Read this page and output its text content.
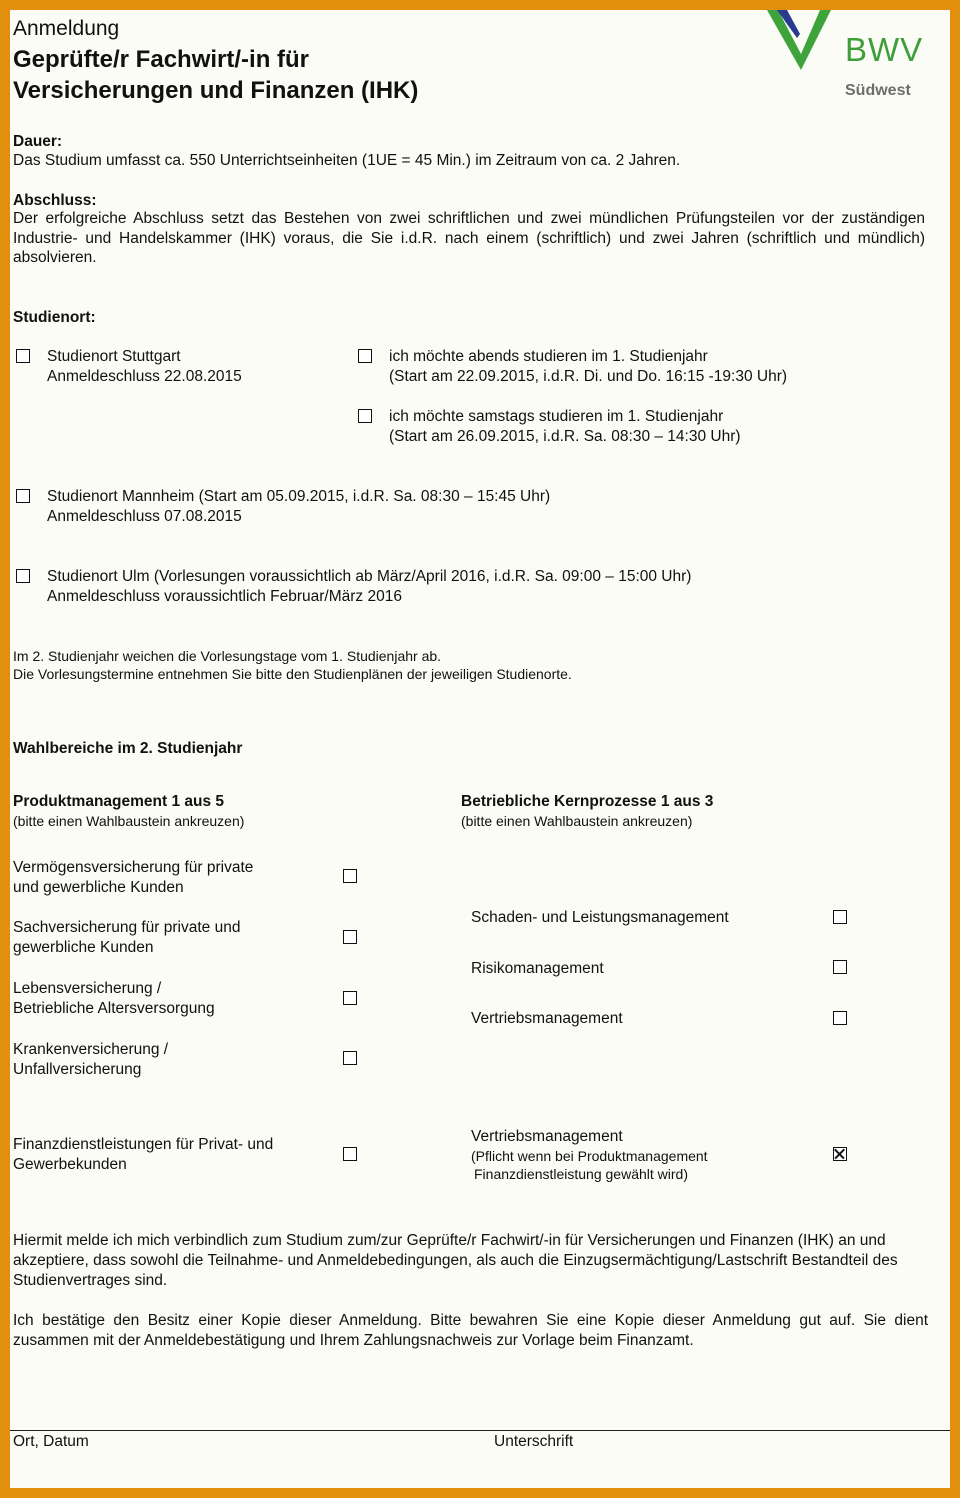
Anmeldung
Geprüfte/r Fachwirt/-in für
Versicherungen und Finanzen (IHK)
BWV
Südwest
Dauer:
Das Studium umfasst ca. 550 Unterrichtseinheiten (1UE = 45 Min.) im Zeitraum von ca. 2 Jahren.
Abschluss:
Der erfolgreiche Abschluss setzt das Bestehen von zwei schriftlichen und zwei mündlichen Prüfungsteilen vor der zuständigen Industrie- und Handelskammer (IHK) voraus, die Sie i.d.R. nach einem (schriftlich) und zwei Jahren (schriftlich und mündlich) absolvieren.
Studienort:
Studienort Stuttgart
Anmeldeschluss 22.08.2015
ich möchte abends studieren im 1. Studienjahr
(Start am 22.09.2015, i.d.R. Di. und Do. 16:15 -19:30 Uhr)
ich möchte samstags studieren im 1. Studienjahr
(Start am 26.09.2015, i.d.R. Sa. 08:30 – 14:30 Uhr)
Studienort Mannheim (Start am 05.09.2015, i.d.R. Sa. 08:30 – 15:45 Uhr)
Anmeldeschluss 07.08.2015
Studienort Ulm (Vorlesungen voraussichtlich ab März/April 2016, i.d.R. Sa. 09:00 – 15:00 Uhr)
Anmeldeschluss voraussichtlich Februar/März 2016
Im 2. Studienjahr weichen die Vorlesungstage vom 1. Studienjahr ab.
Die Vorlesungstermine entnehmen Sie bitte den Studienplänen der jeweiligen Studienorte.
Wahlbereiche im 2. Studienjahr
Produktmanagement 1 aus 5
(bitte einen Wahlbaustein ankreuzen)
Betriebliche Kernprozesse 1 aus 3
(bitte einen Wahlbaustein ankreuzen)
Vermögensversicherung für private
und gewerbliche Kunden
Sachversicherung für private und
gewerbliche Kunden
Lebensversicherung /
Betriebliche Altersversorgung
Krankenversicherung /
Unfallversicherung
Finanzdienstleistungen für Privat- und
Gewerbekunden
Schaden- und Leistungsmanagement
Risikomanagement
Vertriebsmanagement
Vertriebsmanagement
(Pflicht wenn bei Produktmanagement
Finanzdienstleistung gewählt wird)
Hiermit melde ich mich verbindlich zum Studium zum/zur Geprüfte/r Fachwirt/-in für Versicherungen und Finanzen (IHK) an und akzeptiere, dass sowohl die Teilnahme- und Anmeldebedingungen, als auch die Einzugsermächtigung/Lastschrift Bestandteil des Studienvertrages sind.
Ich bestätige den Besitz einer Kopie dieser Anmeldung. Bitte bewahren Sie eine Kopie dieser Anmeldung gut auf. Sie dient zusammen mit der Anmeldebestätigung und Ihrem Zahlungsnachweis zur Vorlage beim Finanzamt.
Ort, Datum	Unterschrift
